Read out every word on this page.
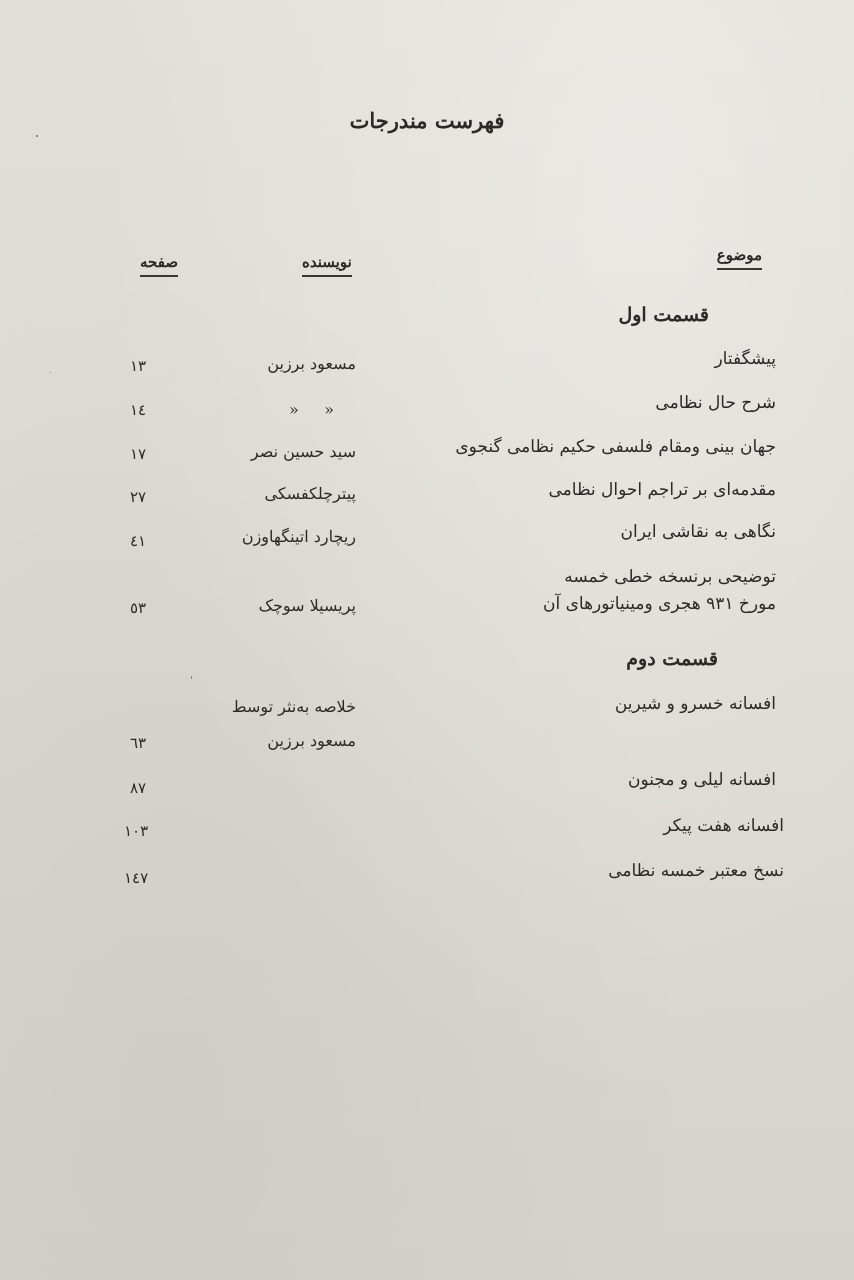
فهرست مندرجات
موضوع
نويسنده
صفحه
قسمت اول
پيشگفتار
مسعود برزين
۱۳
شرح حال نظامی
«     «
۱٤
جهان بينی ومقام فلسفی حكيم نظامی گنجوی
سيد حسين نصر
۱۷
مقدمه‌ای بر تراجم احوال نظامی
پيترچلكفسكی
۲۷
نگاهی به نقاشی ايران
ريچارد اتينگهاوزن
٤۱
توضيحی برنسخه خطی خمسه
مورخ ۹۳۱ هجری ومينياتورهای آن
پريسيلا سوچک
٥۳
قسمت دوم
افسانه خسرو و شيرين
خلاصه به‌نثر توسط
مسعود برزين
٦۳
افسانه ليلی و مجنون
۸۷
افسانه هفت پيكر
۱۰۳
نسخ معتبر خمسه نظامی
۱٤۷
